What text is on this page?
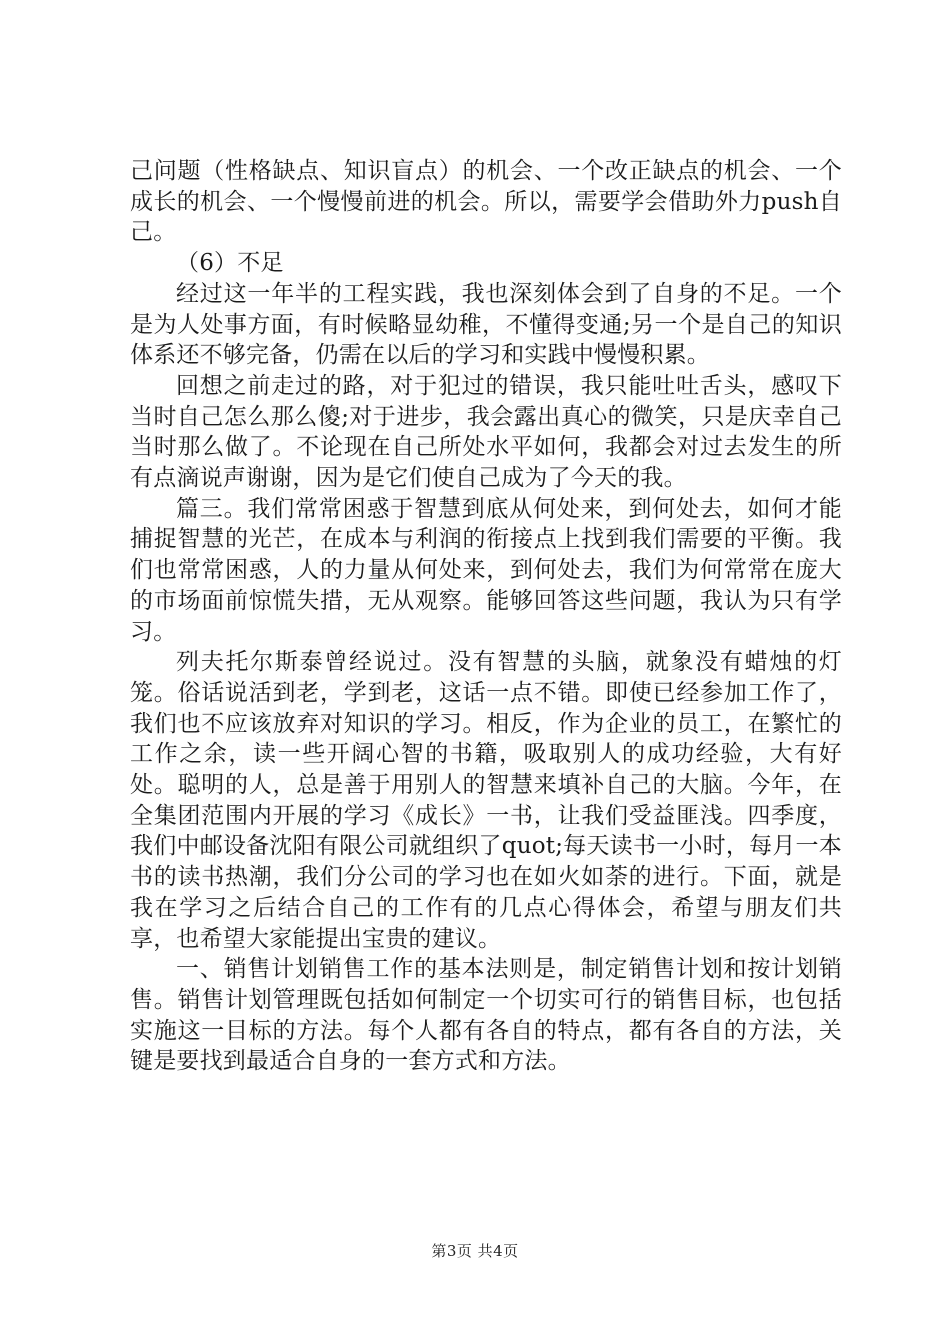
己问题（性格缺点、知识盲点）的机会、一个改正缺点的机会、一个成长的机会、一个慢慢前进的机会。所以，需要学会借助外力push自己。

（6）不足

经过这一年半的工程实践，我也深刻体会到了自身的不足。一个是为人处事方面，有时候略显幼稚，不懂得变通;另一个是自己的知识体系还不够完备，仍需在以后的学习和实践中慢慢积累。

回想之前走过的路，对于犯过的错误，我只能吐吐舌头，感叹下当时自己怎么那么傻;对于进步，我会露出真心的微笑，只是庆幸自己当时那么做了。不论现在自己所处水平如何，我都会对过去发生的所有点滴说声谢谢，因为是它们使自己成为了今天的我。

篇三。我们常常困惑于智慧到底从何处来，到何处去，如何才能捕捉智慧的光芒，在成本与利润的衔接点上找到我们需要的平衡。我们也常常困惑，人的力量从何处来，到何处去，我们为何常常在庞大的市场面前惊慌失措，无从观察。能够回答这些问题，我认为只有学习。

列夫托尔斯泰曾经说过。没有智慧的头脑，就象没有蜡烛的灯笼。俗话说活到老，学到老，这话一点不错。即使已经参加工作了，我们也不应该放弃对知识的学习。相反，作为企业的员工，在繁忙的工作之余，读一些开阔心智的书籍，吸取别人的成功经验，大有好处。聪明的人，总是善于用别人的智慧来填补自己的大脑。今年，在全集团范围内开展的学习《成长》一书，让我们受益匪浅。四季度，我们中邮设备沈阳有限公司就组织了quot;每天读书一小时，每月一本书的读书热潮，我们分公司的学习也在如火如荼的进行。下面，就是我在学习之后结合自己的工作有的几点心得体会，希望与朋友们共享，也希望大家能提出宝贵的建议。

一、销售计划销售工作的基本法则是，制定销售计划和按计划销售。销售计划管理既包括如何制定一个切实可行的销售目标，也包括实施这一目标的方法。每个人都有各自的特点，都有各自的方法，关键是要找到最适合自身的一套方式和方法。

第3页 共4页
